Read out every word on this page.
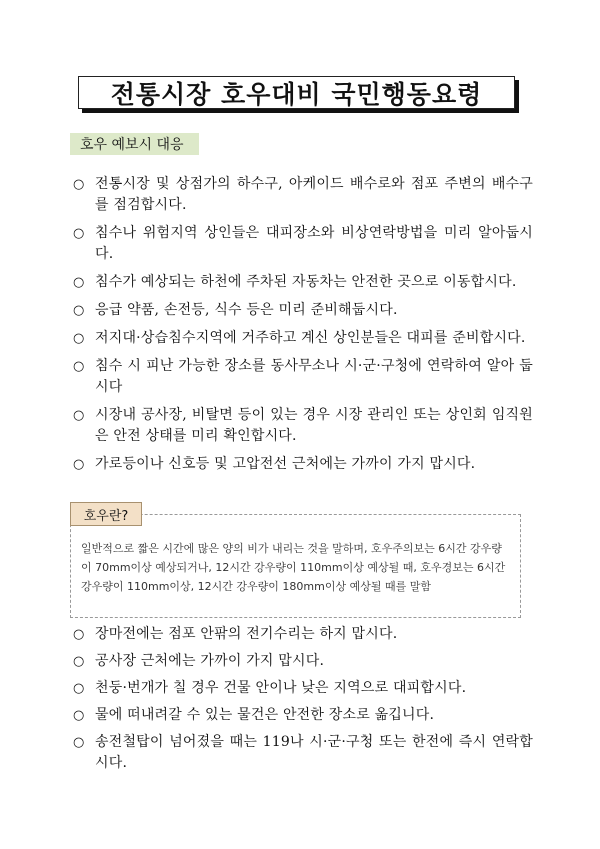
전통시장 호우대비 국민행동요령
호우 예보시 대응
○ 전통시장 및 상점가의 하수구, 아케이드 배수로와 점포 주변의 배수구를 점검합시다.
○ 침수나 위험지역 상인들은 대피장소와 비상연락방법을 미리 알아둡시다.
○ 침수가 예상되는 하천에 주차된 자동차는 안전한 곳으로 이동합시다.
○ 응급 약품, 손전등, 식수 등은 미리 준비해둡시다.
○ 저지대·상습침수지역에 거주하고 계신 상인분들은 대피를 준비합시다.
○ 침수 시 피난 가능한 장소를 동사무소나 시·군·구청에 연락하여 알아 둡시다
○ 시장내 공사장, 비탈면 등이 있는 경우 시장 관리인 또는 상인회 임직원은 안전 상태를 미리 확인합시다.
○ 가로등이나 신호등 및 고압전선 근처에는 가까이 가지 맙시다.
일반적으로 짧은 시간에 많은 양의 비가 내리는 것을 말하며, 호우주의보는 6시간 강우량이 70mm이상 예상되거나, 12시간 강우량이 110mm이상 예상될 때, 호우경보는 6시간 강우량이 110mm이상, 12시간 강우량이 180mm이상 예상될 때를 말함
호우란?
○ 장마전에는 점포 안팎의 전기수리는 하지 맙시다.
○ 공사장 근처에는 가까이 가지 맙시다.
○ 천둥·번개가 칠 경우 건물 안이나 낮은 지역으로 대피합시다.
○ 물에 떠내려갈 수 있는 물건은 안전한 장소로 옮깁니다.
○ 송전철탑이 넘어졌을 때는 119나 시·군·구청 또는 한전에 즉시 연락합시다.
